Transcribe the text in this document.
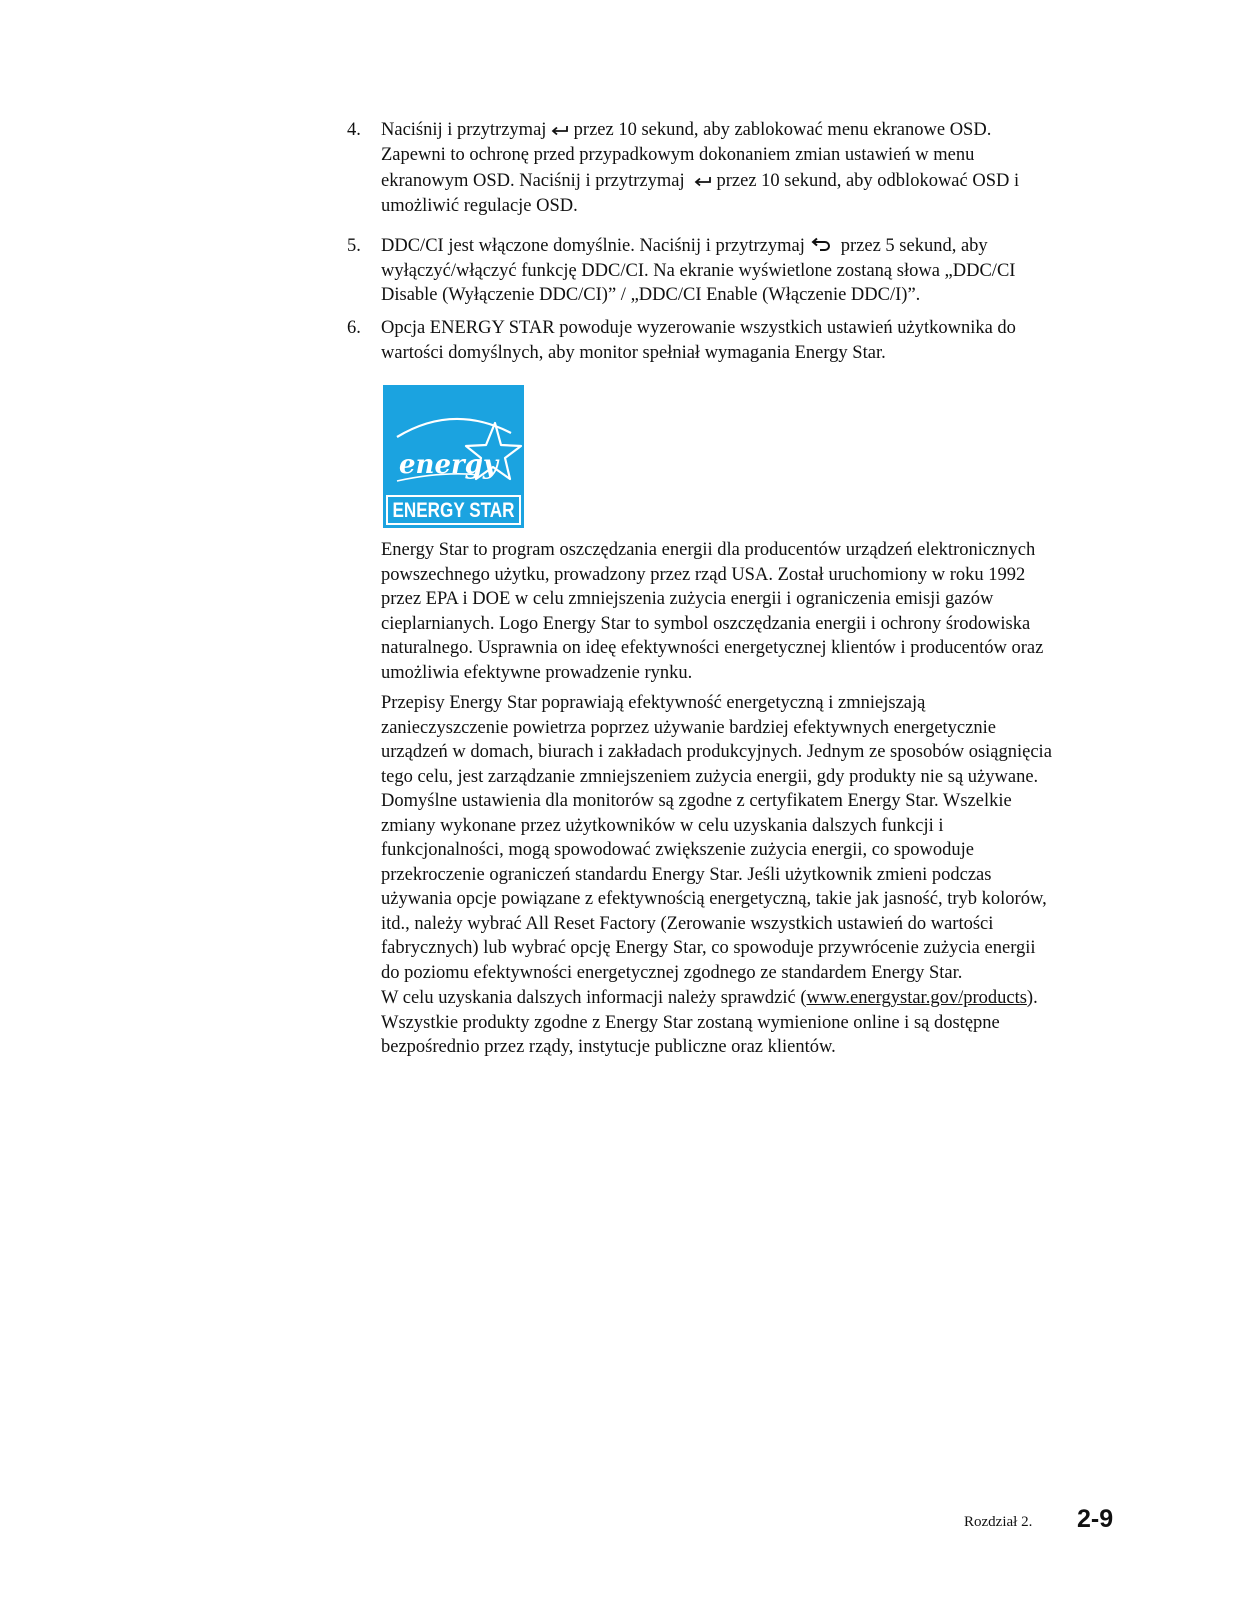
4. Naciśnij i przytrzymaj przez 10 sekund, aby zablokować menu ekranowe OSD.
Zapewni to ochronę przed przypadkowym dokonaniem zmian ustawień w menu
ekranowym OSD. Naciśnij i przytrzymaj przez 10 sekund, aby odblokować OSD i
umożliwić regulacje OSD.
5. DDC/CI jest włączone domyślnie. Naciśnij i przytrzymaj przez 5 sekund, aby
wyłączyć/włączyć funkcję DDC/CI. Na ekranie wyświetlone zostaną słowa „DDC/CI
Disable (Wyłączenie DDC/CI)” / „DDC/CI Enable (Włączenie DDC/I)”.
6. Opcja ENERGY STAR powoduje wyzerowanie wszystkich ustawień użytkownika do
wartości domyślnych, aby monitor spełniał wymagania Energy Star.
energy
ENERGY STAR
Energy Star to program oszczędzania energii dla producentów urządzeń elektronicznych
powszechnego użytku, prowadzony przez rząd USA. Został uruchomiony w roku 1992
przez EPA i DOE w celu zmniejszenia zużycia energii i ograniczenia emisji gazów
cieplarnianych. Logo Energy Star to symbol oszczędzania energii i ochrony środowiska
naturalnego. Usprawnia on ideę efektywności energetycznej klientów i producentów oraz
umożliwia efektywne prowadzenie rynku.
Przepisy Energy Star poprawiają efektywność energetyczną i zmniejszają
zanieczyszczenie powietrza poprzez używanie bardziej efektywnych energetycznie
urządzeń w domach, biurach i zakładach produkcyjnych. Jednym ze sposobów osiągnięcia
tego celu, jest zarządzanie zmniejszeniem zużycia energii, gdy produkty nie są używane.
Domyślne ustawienia dla monitorów są zgodne z certyfikatem Energy Star. Wszelkie
zmiany wykonane przez użytkowników w celu uzyskania dalszych funkcji i
funkcjonalności, mogą spowodować zwiększenie zużycia energii, co spowoduje
przekroczenie ograniczeń standardu Energy Star. Jeśli użytkownik zmieni podczas
używania opcje powiązane z efektywnością energetyczną, takie jak jasność, tryb kolorów,
itd., należy wybrać All Reset Factory (Zerowanie wszystkich ustawień do wartości
fabrycznych) lub wybrać opcję Energy Star, co spowoduje przywrócenie zużycia energii
do poziomu efektywności energetycznej zgodnego ze standardem Energy Star.
W celu uzyskania dalszych informacji należy sprawdzić (www.energystar.gov/products).
Wszystkie produkty zgodne z Energy Star zostaną wymienione online i są dostępne
bezpośrednio przez rządy, instytucje publiczne oraz klientów.
Rozdział 2. 2-9
